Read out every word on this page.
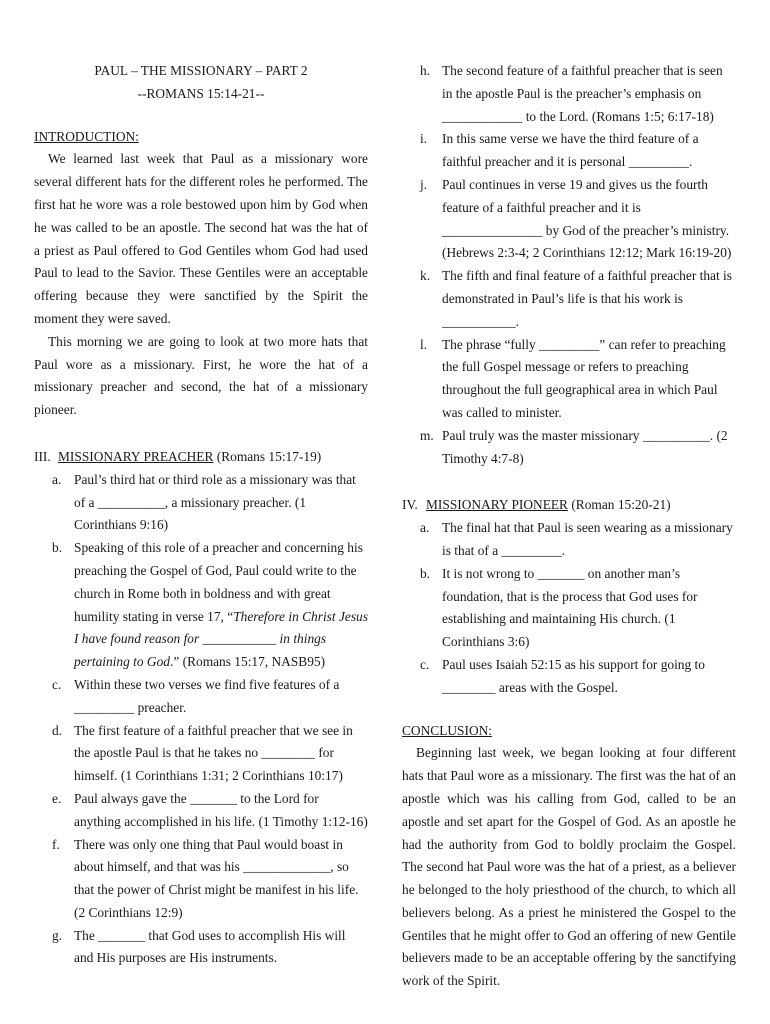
PAUL – THE MISSIONARY – PART 2
--ROMANS 15:14-21--
INTRODUCTION:
We learned last week that Paul as a missionary wore several different hats for the different roles he performed. The first hat he wore was a role bestowed upon him by God when he was called to be an apostle. The second hat was the hat of a priest as Paul offered to God Gentiles whom God had used Paul to lead to the Savior. These Gentiles were an acceptable offering because they were sanctified by the Spirit the moment they were saved.
This morning we are going to look at two more hats that Paul wore as a missionary. First, he wore the hat of a missionary preacher and second, the hat of a missionary pioneer.
III. MISSIONARY PREACHER (Romans 15:17-19)
a. Paul’s third hat or third role as a missionary was that of a __________, a missionary preacher. (1 Corinthians 9:16)
b. Speaking of this role of a preacher and concerning his preaching the Gospel of God, Paul could write to the church in Rome both in boldness and with great humility stating in verse 17, “Therefore in Christ Jesus I have found reason for ___________ in things pertaining to God.” (Romans 15:17, NASB95)
c. Within these two verses we find five features of a _________ preacher.
d. The first feature of a faithful preacher that we see in the apostle Paul is that he takes no ________ for himself. (1 Corinthians 1:31; 2 Corinthians 10:17)
e. Paul always gave the _______ to the Lord for anything accomplished in his life. (1 Timothy 1:12-16)
f. There was only one thing that Paul would boast in about himself, and that was his _____________, so that the power of Christ might be manifest in his life. (2 Corinthians 12:9)
g. The _______ that God uses to accomplish His will and His purposes are His instruments.
h. The second feature of a faithful preacher that is seen in the apostle Paul is the preacher’s emphasis on ____________ to the Lord. (Romans 1:5; 6:17-18)
i. In this same verse we have the third feature of a faithful preacher and it is personal _________.
j. Paul continues in verse 19 and gives us the fourth feature of a faithful preacher and it is _______________ by God of the preacher’s ministry. (Hebrews 2:3-4; 2 Corinthians 12:12; Mark 16:19-20)
k. The fifth and final feature of a faithful preacher that is demonstrated in Paul’s life is that his work is ___________.
l. The phrase “fully _________” can refer to preaching the full Gospel message or refers to preaching throughout the full geographical area in which Paul was called to minister.
m. Paul truly was the master missionary __________. (2 Timothy 4:7-8)
IV. MISSIONARY PIONEER (Roman 15:20-21)
a. The final hat that Paul is seen wearing as a missionary is that of a _________.
b. It is not wrong to _______ on another man’s foundation, that is the process that God uses for establishing and maintaining His church. (1 Corinthians 3:6)
c. Paul uses Isaiah 52:15 as his support for going to ________ areas with the Gospel.
CONCLUSION:
Beginning last week, we began looking at four different hats that Paul wore as a missionary. The first was the hat of an apostle which was his calling from God, called to be an apostle and set apart for the Gospel of God. As an apostle he had the authority from God to boldly proclaim the Gospel. The second hat Paul wore was the hat of a priest, as a believer he belonged to the holy priesthood of the church, to which all believers belong. As a priest he ministered the Gospel to the Gentiles that he might offer to God an offering of new Gentile believers made to be an acceptable offering by the sanctifying work of the Spirit.
